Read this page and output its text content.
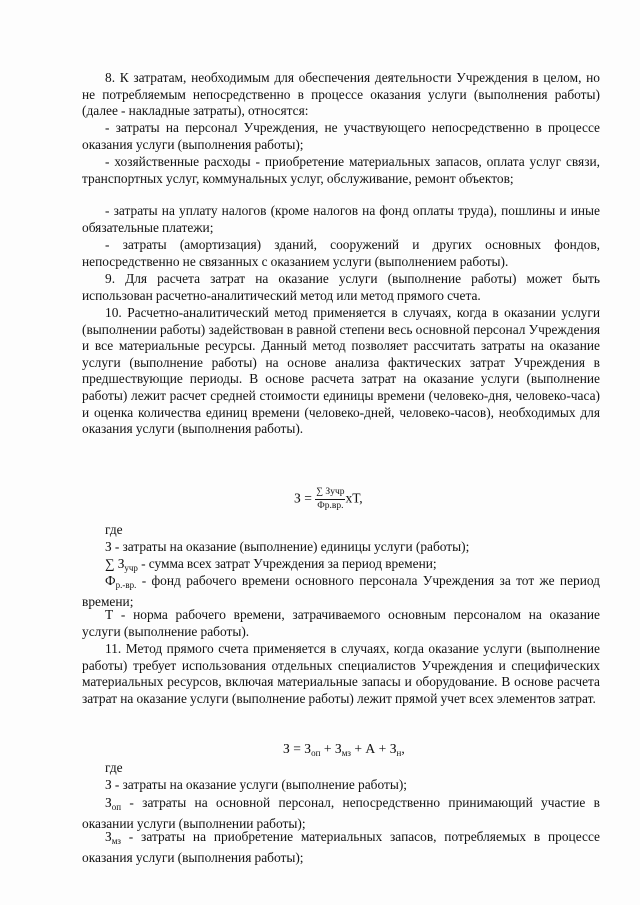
8. К затратам, необходимым для обеспечения деятельности Учреждения в целом, но не потребляемым непосредственно в процессе оказания услуги (выполнения работы) (далее - накладные затраты), относятся:

- затраты на персонал Учреждения, не участвующего непосредственно в процессе оказания услуги (выполнения работы);

- хозяйственные расходы - приобретение материальных запасов, оплата услуг связи, транспортных услуг, коммунальных услуг, обслуживание, ремонт объектов;

- затраты на уплату налогов (кроме налогов на фонд оплаты труда), пошлины и иные обязательные платежи;

- затраты (амортизация) зданий, сооружений и других основных фондов, непосредственно не связанных с оказанием услуги (выполнением работы).

9. Для расчета затрат на оказание услуги (выполнение работы) может быть использован расчетно-аналитический метод или метод прямого счета.

10. Расчетно-аналитический метод применяется в случаях, когда в оказании услуги (выполнении работы) задействован в равной степени весь основной персонал Учреждения и все материальные ресурсы. Данный метод позволяет рассчитать затраты на оказание услуги (выполнение работы) на основе анализа фактических затрат Учреждения в предшествующие периоды. В основе расчета затрат на оказание услуги (выполнение работы) лежит расчет средней стоимости единицы времени (человеко-дня, человеко-часа) и оценка количества единиц времени (человеко-дней, человеко-часов), необходимых для оказания услуги (выполнения работы).

$З = \frac{\text{∑ Зучр}}{Фр.вр.}$ xТ,

где

З - затраты на оказание (выполнение) единицы услуги (работы);

∑ $З_{учр}$ - сумма всех затрат Учреждения за период времени;

$Ф_{р.-вр.}$ - фонд рабочего времени основного персонала Учреждения за тот же период времени;

Т - норма рабочего времени, затрачиваемого основным персоналом на оказание услуги (выполнение работы).

11. Метод прямого счета применяется в случаях, когда оказание услуги (выполнение работы) требует использования отдельных специалистов Учреждения и специфических материальных ресурсов, включая материальные запасы и оборудование. В основе расчета затрат на оказание услуги (выполнение работы) лежит прямой учет всех элементов затрат.

$З = З_{оп} + З_{мз} + А + З_н$,

где

З - затраты на оказание услуги (выполнение работы);

$З_{оп}$ - затраты на основной персонал, непосредственно принимающий участие в оказании услуги (выполнении работы);

$З_{мз}$ - затраты на приобретение материальных запасов, потребляемых в процессе оказания услуги (выполнения работы);
